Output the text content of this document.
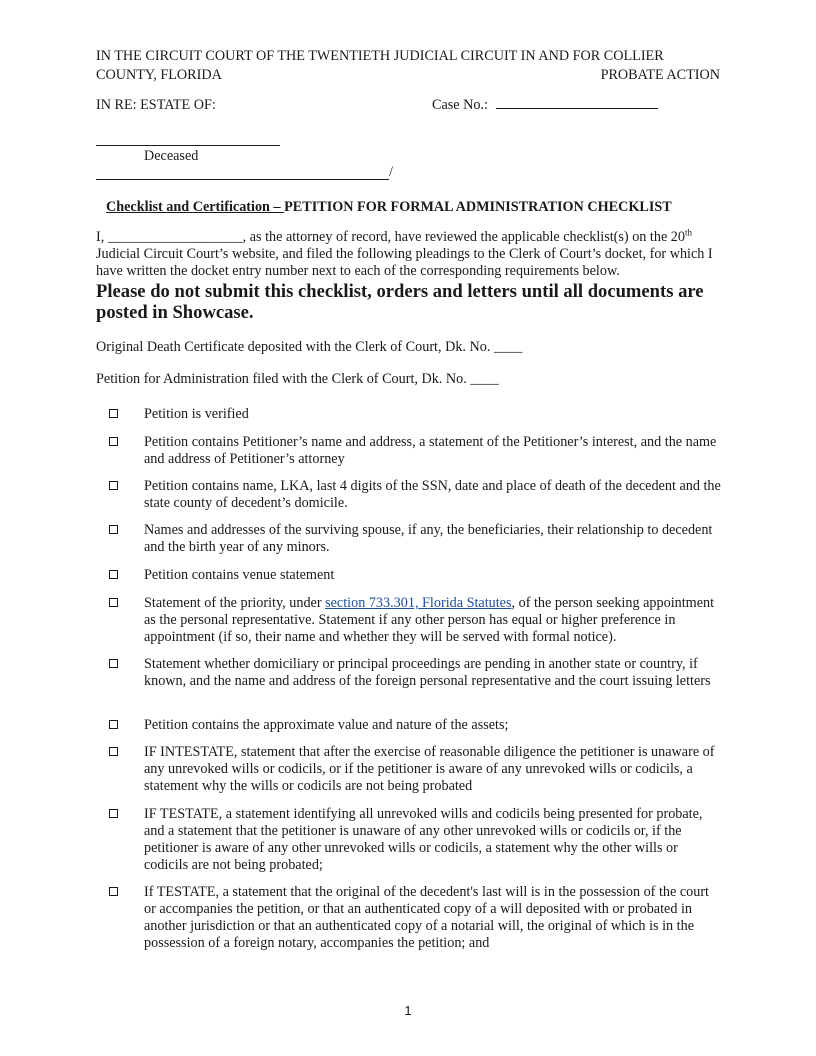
IN THE CIRCUIT COURT OF THE TWENTIETH JUDICIAL CIRCUIT IN AND FOR COLLIER
COUNTY, FLORIDA	PROBATE ACTION
IN RE: ESTATE OF:	Case No.:
Deceased
/
Checklist and Certification – PETITION FOR FORMAL ADMINISTRATION CHECKLIST
I, ___________________, as the attorney of record, have reviewed the applicable checklist(s) on the 20th Judicial Circuit Court’s website, and filed the following pleadings to the Clerk of Court’s docket, for which I have written the docket entry number next to each of the corresponding requirements below.
Please do not submit this checklist, orders and letters until all documents are
posted in Showcase.
Original Death Certificate deposited with the Clerk of Court, Dk. No. ____
Petition for Administration filed with the Clerk of Court, Dk. No. ____
Petition is verified
Petition contains Petitioner’s name and address, a statement of the Petitioner’s interest, and the name and address of Petitioner’s attorney
Petition contains name, LKA, last 4 digits of the SSN, date and place of death of the decedent and the state county of decedent’s domicile.
Names and addresses of the surviving spouse, if any, the beneficiaries, their relationship to decedent and the birth year of any minors.
Petition contains venue statement
Statement of the priority, under section 733.301, Florida Statutes, of the person seeking appointment as the personal representative. Statement if any other person has equal or higher preference in appointment (if so, their name and whether they will be served with formal notice).
Statement whether domiciliary or principal proceedings are pending in another state or country, if known, and the name and address of the foreign personal representative and the court issuing letters
Petition contains the approximate value and nature of the assets;
IF INTESTATE, statement that after the exercise of reasonable diligence the petitioner is unaware of any unrevoked wills or codicils, or if the petitioner is aware of any unrevoked wills or codicils, a statement why the wills or codicils are not being probated
IF TESTATE, a statement identifying all unrevoked wills and codicils being presented for probate, and a statement that the petitioner is unaware of any other unrevoked wills or codicils or, if the petitioner is aware of any other unrevoked wills or codicils, a statement why the other wills or codicils are not being probated;
If TESTATE, a statement that the original of the decedent's last will is in the possession of the court or accompanies the petition, or that an authenticated copy of a will deposited with or probated in another jurisdiction or that an authenticated copy of a notarial will, the original of which is in the possession of a foreign notary, accompanies the petition; and
1
